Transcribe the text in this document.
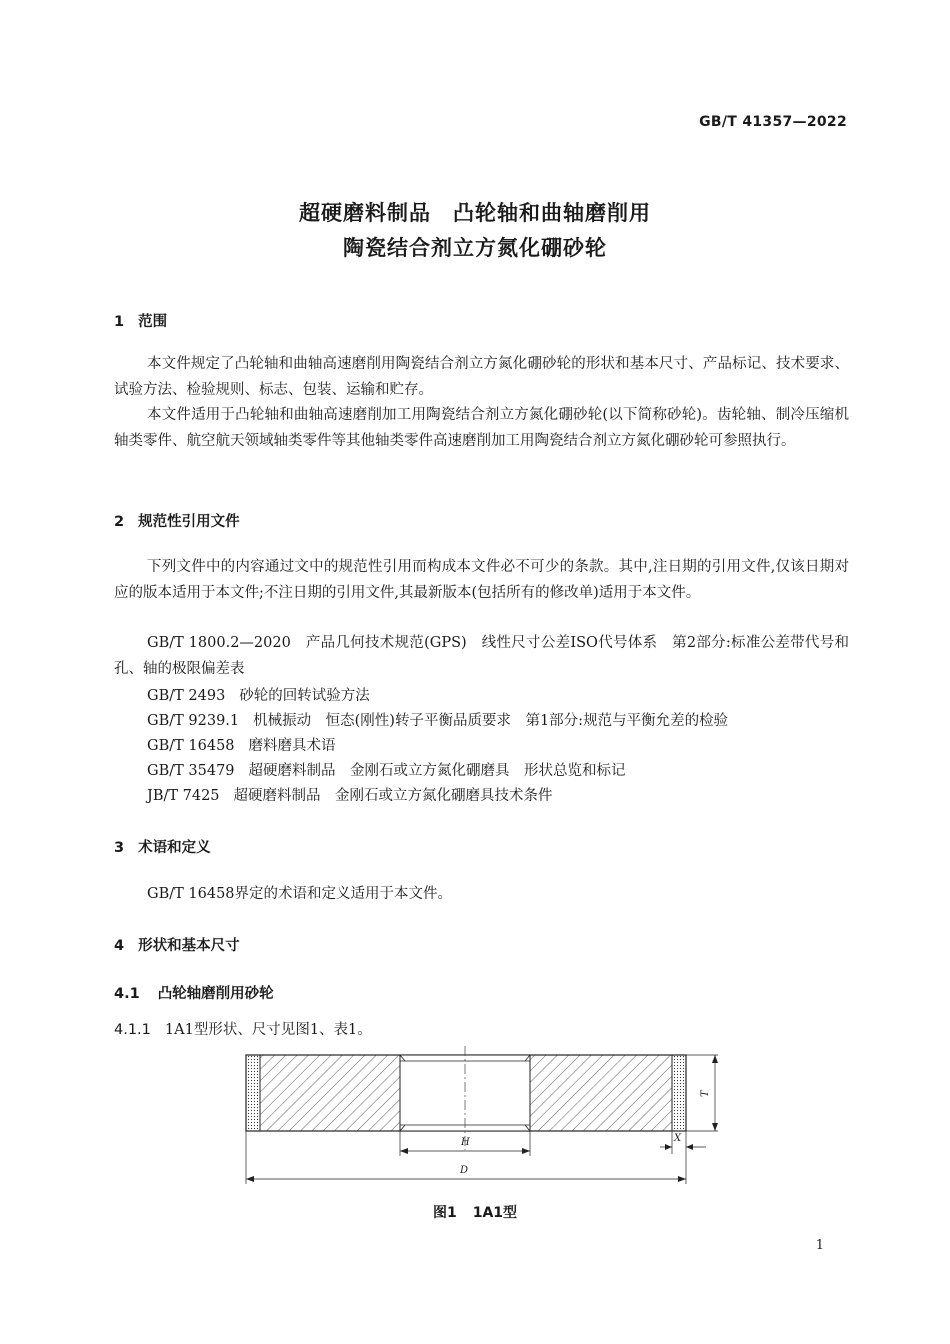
GB/T 41357—2022
超硬磨料制品　凸轮轴和曲轴磨削用
陶瓷结合剂立方氮化硼砂轮
1 范围
本文件规定了凸轮轴和曲轴高速磨削用陶瓷结合剂立方氮化硼砂轮的形状和基本尺寸、产品标记、技术要求、试验方法、检验规则、标志、包装、运输和贮存。
本文件适用于凸轮轴和曲轴高速磨削加工用陶瓷结合剂立方氮化硼砂轮(以下简称砂轮)。齿轮轴、制冷压缩机轴类零件、航空航天领域轴类零件等其他轴类零件高速磨削加工用陶瓷结合剂立方氮化硼砂轮可参照执行。
2 规范性引用文件
下列文件中的内容通过文中的规范性引用而构成本文件必不可少的条款。其中,注日期的引用文件,仅该日期对应的版本适用于本文件;不注日期的引用文件,其最新版本(包括所有的修改单)适用于本文件。
GB/T 1800.2—2020　产品几何技术规范(GPS)　线性尺寸公差ISO代号体系　第2部分:标准公差带代号和孔、轴的极限偏差表
GB/T 2493 砂轮的回转试验方法
GB/T 9239.1 机械振动　恒态(刚性)转子平衡品质要求　第1部分:规范与平衡允差的检验
GB/T 16458 磨料磨具术语
GB/T 35479 超硬磨料制品　金刚石或立方氮化硼磨具　形状总览和标记
JB/T 7425 超硬磨料制品　金刚石或立方氮化硼磨具技术条件
3 术语和定义
GB/T 16458界定的术语和定义适用于本文件。
4 形状和基本尺寸
4.1 凸轮轴磨削用砂轮
4.1.1 1A1型形状、尺寸见图1、表1。
T
H	X
D
图1 1A1型
1
